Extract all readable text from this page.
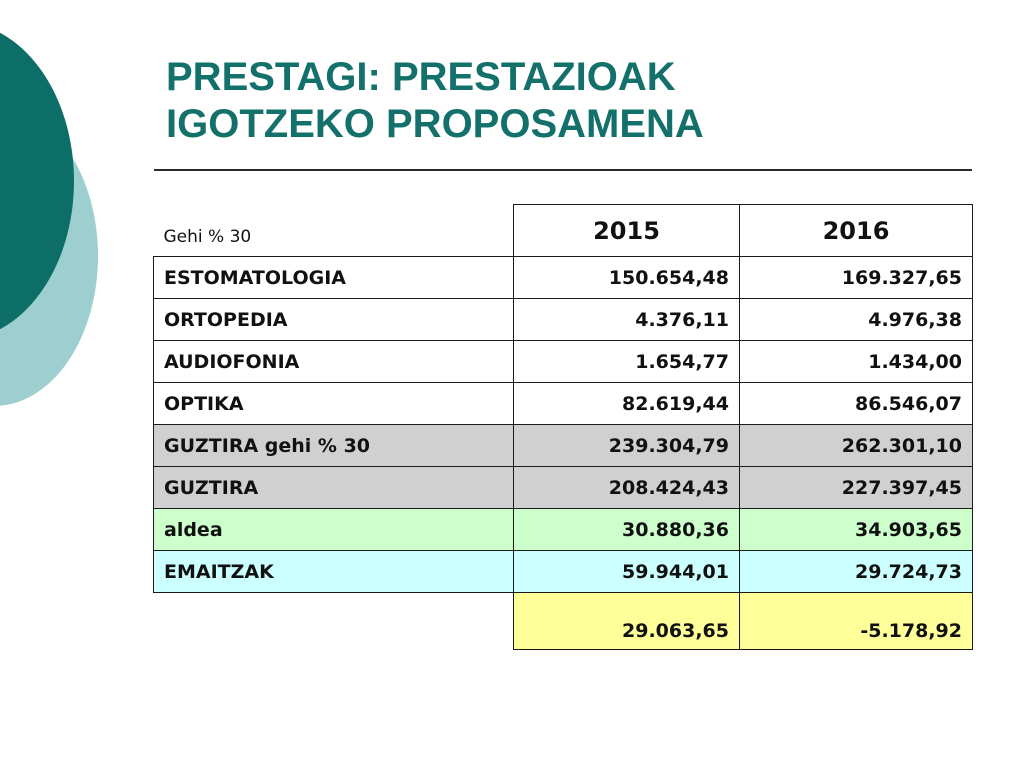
PRESTAGI: PRESTAZIOAK
IGOTZEKO PROPOSAMENA
Gehi % 30	2015	2016
ESTOMATOLOGIA	150.654,48	169.327,65
ORTOPEDIA	4.376,11	4.976,38
AUDIOFONIA	1.654,77	1.434,00
OPTIKA	82.619,44	86.546,07
GUZTIRA gehi % 30	239.304,79	262.301,10
GUZTIRA	208.424,43	227.397,45
aldea	30.880,36	34.903,65
EMAITZAK	59.944,01	29.724,73
	29.063,65	-5.178,92
